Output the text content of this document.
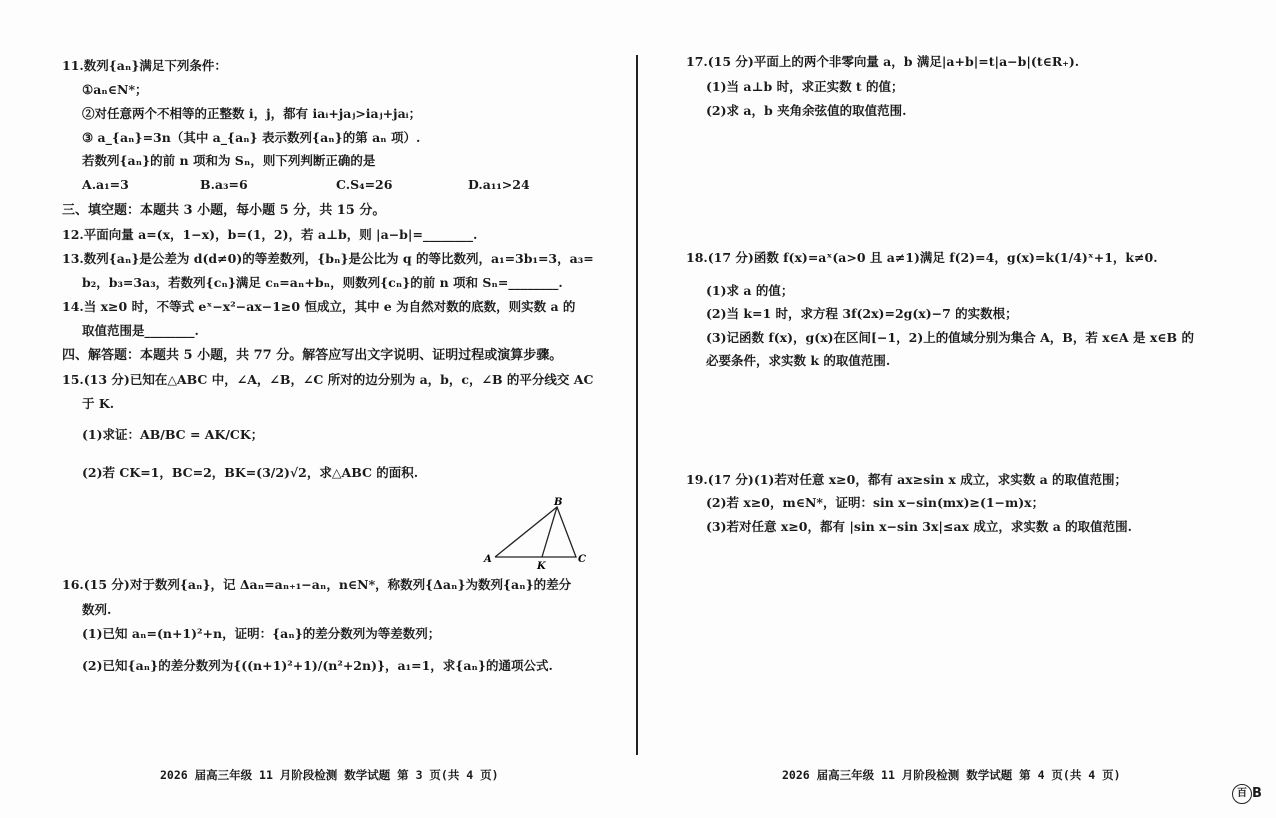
11.数列{aₙ}满足下列条件：
①aₙ∈N*；
②对任意两个不相等的正整数 i，j，都有 iaᵢ+jaⱼ>iaⱼ+jaᵢ；
③ a_{aₙ}=3n（其中 a_{aₙ} 表示数列{aₙ}的第 aₙ 项）.
若数列{aₙ}的前 n 项和为 Sₙ，则下列判断正确的是
A.a₁=3	B.a₃=6	C.S₄=26	D.a₁₁>24
三、填空题：本题共 3 小题，每小题 5 分，共 15 分。
12.平面向量 a=(x，1−x)，b=(1，2)，若 a⊥b，则 |a−b|=________.
13.数列{aₙ}是公差为 d(d≠0)的等差数列，{bₙ}是公比为 q 的等比数列，a₁=3b₁=3，a₃=
b₂，b₃=3a₃，若数列{cₙ}满足 cₙ=aₙ+bₙ，则数列{cₙ}的前 n 项和 Sₙ=________.
14.当 x≥0 时，不等式 eˣ−x²−ax−1≥0 恒成立，其中 e 为自然对数的底数，则实数 a 的
取值范围是________.
四、解答题：本题共 5 小题，共 77 分。解答应写出文字说明、证明过程或演算步骤。
15.(13 分)已知在△ABC 中，∠A，∠B，∠C 所对的边分别为 a，b，c，∠B 的平分线交 AC
于 K.
(1)求证：AB/BC = AK/CK；
(2)若 CK=1，BC=2，BK=(3/2)√2，求△ABC 的面积.
A
B
C
K
16.(15 分)对于数列{aₙ}，记 Δaₙ=aₙ₊₁−aₙ，n∈N*，称数列{Δaₙ}为数列{aₙ}的差分
数列.
(1)已知 aₙ=(n+1)²+n，证明：{aₙ}的差分数列为等差数列；
(2)已知{aₙ}的差分数列为{((n+1)²+1)/(n²+2n)}，a₁=1，求{aₙ}的通项公式.
2026 届高三年级 11 月阶段检测 数学试题 第 3 页(共 4 页)
17.(15 分)平面上的两个非零向量 a，b 满足|a+b|=t|a−b|(t∈R₊).
(1)当 a⊥b 时，求正实数 t 的值；
(2)求 a，b 夹角余弦值的取值范围.
18.(17 分)函数 f(x)=aˣ(a>0 且 a≠1)满足 f(2)=4，g(x)=k(1/4)ˣ+1，k≠0.
(1)求 a 的值；
(2)当 k=1 时，求方程 3f(2x)=2g(x)−7 的实数根；
(3)记函数 f(x)，g(x)在区间[−1，2)上的值域分别为集合 A，B，若 x∈A 是 x∈B 的
必要条件，求实数 k 的取值范围.
19.(17 分)(1)若对任意 x≥0，都有 ax≥sin x 成立，求实数 a 的取值范围；
(2)若 x≥0，m∈N*，证明：sin x−sin(mx)≥(1−m)x；
(3)若对任意 x≥0，都有 |sin x−sin 3x|≤ax 成立，求实数 a 的取值范围.
2026 届高三年级 11 月阶段检测 数学试题 第 4 页(共 4 页)
百 B
